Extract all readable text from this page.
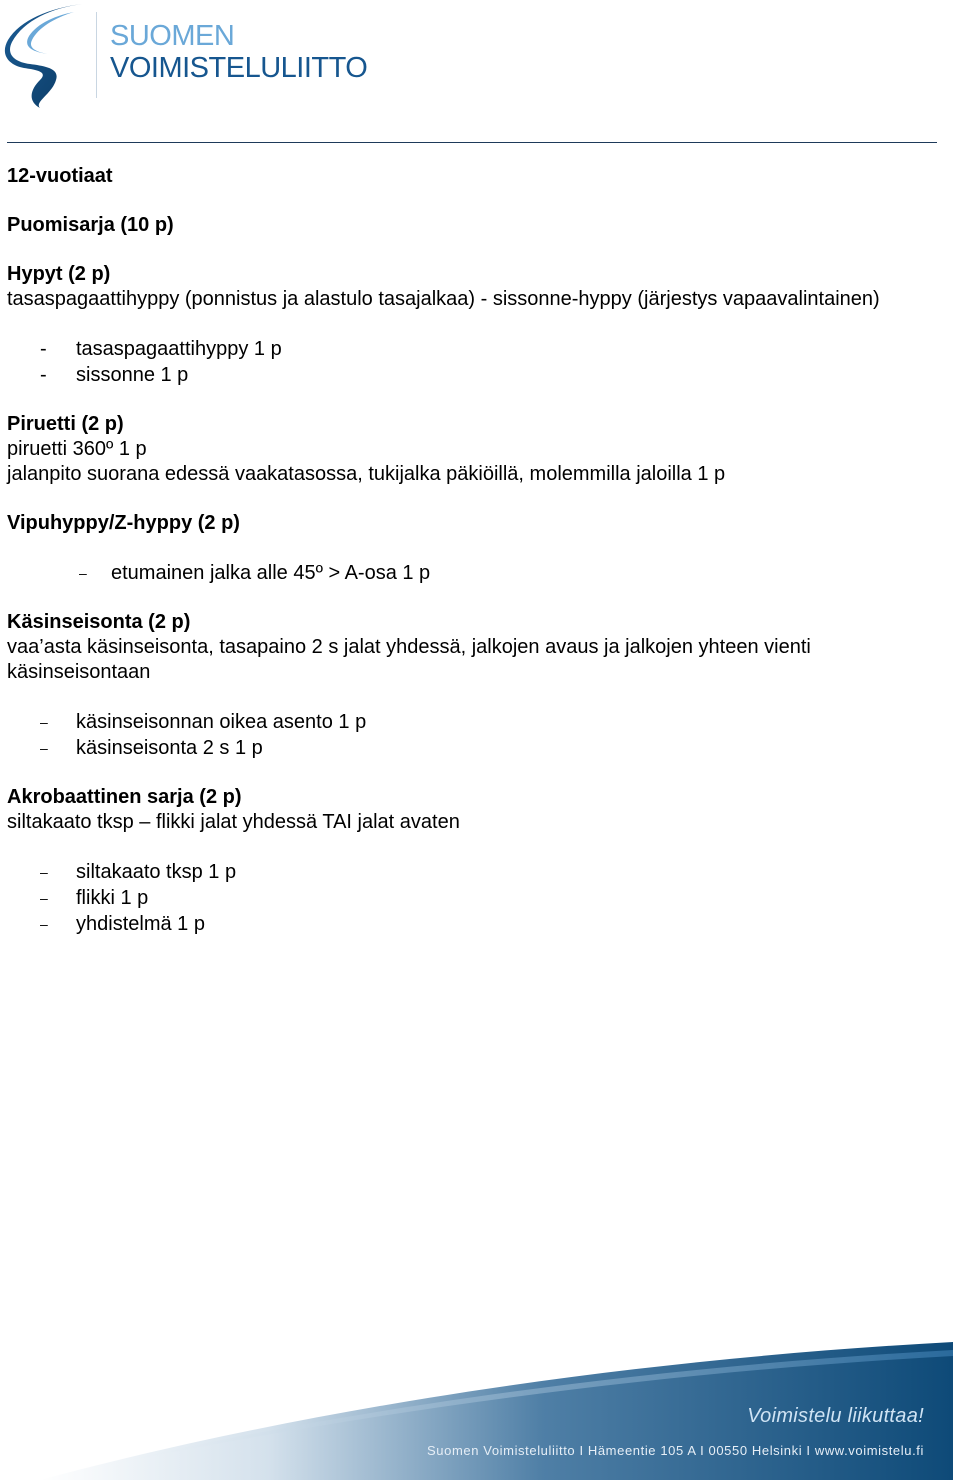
SUOMEN
VOIMISTELULIITTO

12-vuotiaat

Puomisarja (10 p)

Hypyt (2 p)

tasaspagaattihyppy (ponnistus ja alastulo tasajalkaa) - sissonne-hyppy (järjestys vapaavalintainen)

- tasaspagaattihyppy 1 p
- sissonne 1 p

Piruetti (2 p)

piruetti 360º 1 p

jalanpito suorana edessä vaakatasossa, tukijalka päkiöillä, molemmilla jaloilla 1 p

Vipuhyppy/Z-hyppy (2 p)

– etumainen jalka alle 45º > A-osa 1 p

Käsinseisonta (2 p)

vaa’asta käsinseisonta, tasapaino 2 s jalat yhdessä, jalkojen avaus ja jalkojen yhteen vienti käsinseisontaan

– käsinseisonnan oikea asento 1 p
– käsinseisonta 2 s 1 p

Akrobaattinen sarja (2 p)

siltakaato tksp – flikki jalat yhdessä TAI jalat avaten

– siltakaato tksp 1 p
– flikki 1 p
– yhdistelmä 1 p
Voimistelu liikuttaa!
Suomen Voimisteluliitto I Hämeentie 105 A I 00550 Helsinki I www.voimistelu.fi
